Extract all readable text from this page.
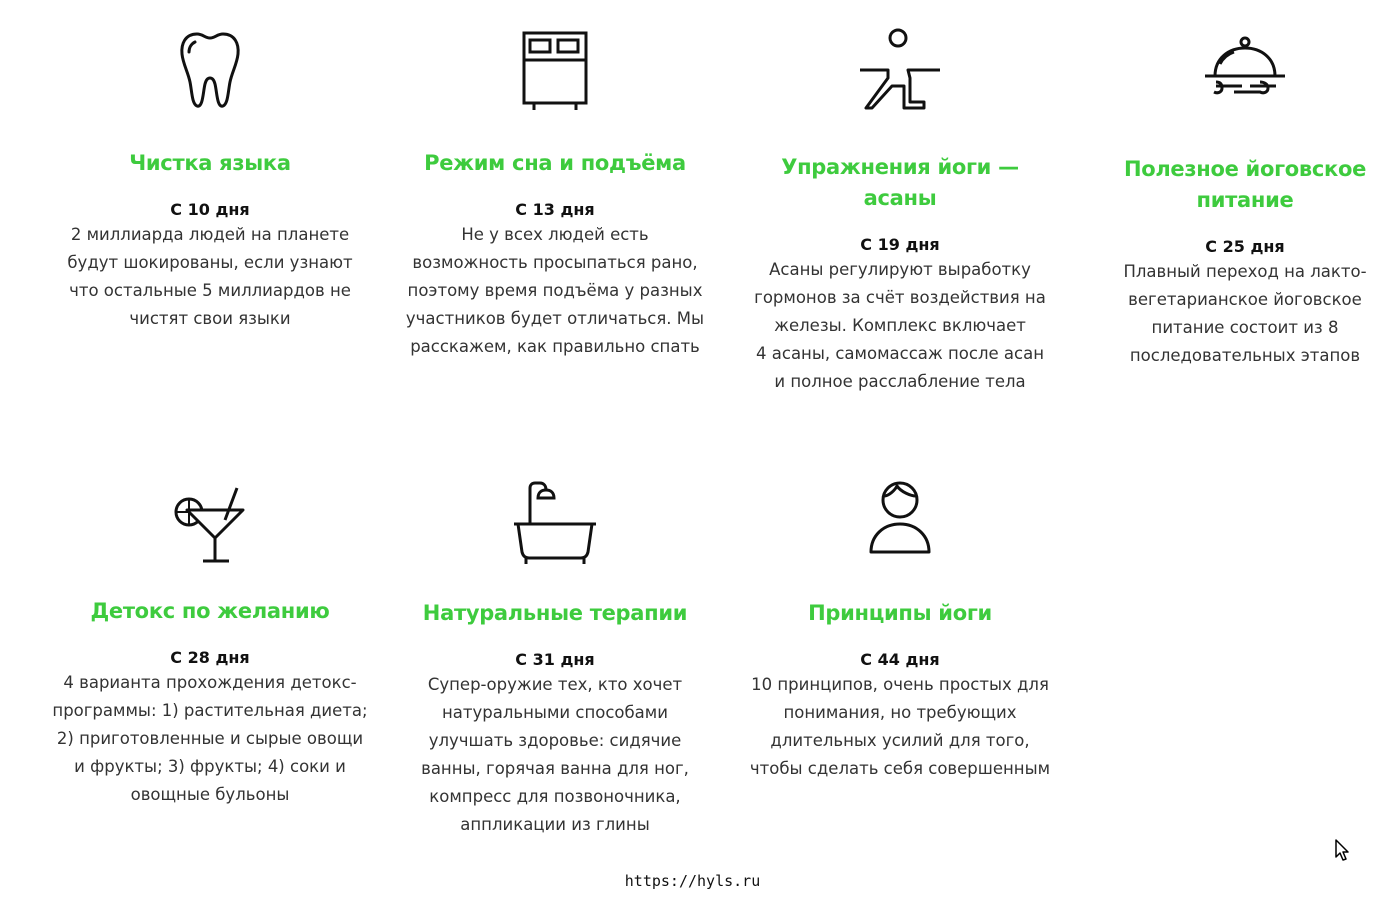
Чистка языка

С 10 дня

2 миллиарда людей на планете
будут шокированы, если узнают
что остальные 5 миллиардов не
чистят свои языки

Режим сна и подъёма

С 13 дня

Не у всех людей есть
возможность просыпаться рано,
поэтому время подъёма у разных
участников будет отличаться. Мы
расскажем, как правильно спать

Упражнения йоги —
асаны

С 19 дня

Асаны регулируют выработку
гормонов за счёт воздействия на
железы. Комплекс включает
4 асаны, самомассаж после асан
и полное расслабление тела

Полезное йоговское
питание

С 25 дня

Плавный переход на лакто-
вегетарианское йоговское
питание состоит из 8
последовательных этапов

Детокс по желанию

С 28 дня

4 варианта прохождения детокс-
программы: 1) растительная диета;
2) приготовленные и сырые овощи
и фрукты; 3) фрукты; 4) соки и
овощные бульоны

Натуральные терапии

С 31 дня

Супер-оружие тех, кто хочет
натуральными способами
улучшать здоровье: сидячие
ванны, горячая ванна для ног,
компресс для позвоночника,
аппликации из глины

Принципы йоги

С 44 дня

10 принципов, очень простых для
понимания, но требующих
длительных усилий для того,
чтобы сделать себя совершенным

https://hyls.ru
